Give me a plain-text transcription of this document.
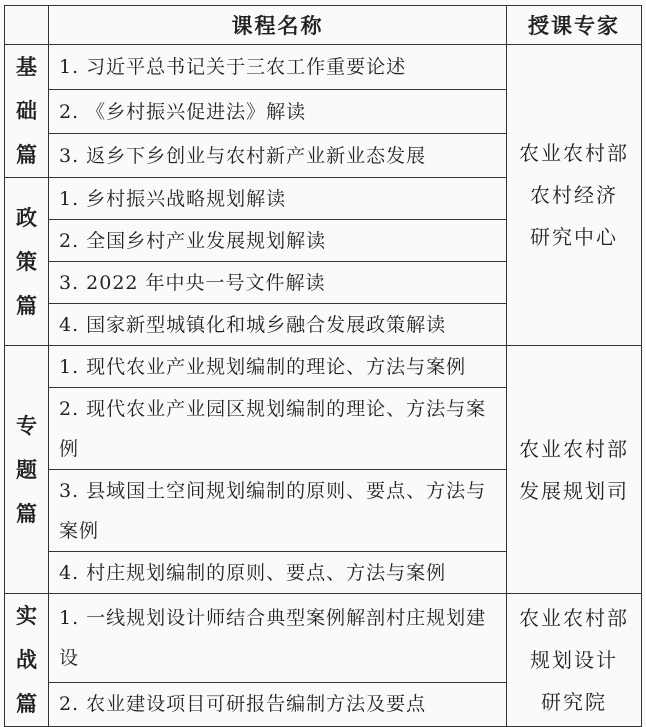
	课程名称	授课专家

基
础
篇	1. 习近平总书记关于三农工作重要论述	农业农村部
农村经济
研究中心

	2. 《乡村振兴促进法》解读	
	3. 返乡下乡创业与农村新产业新业态发展	

政
策
篇	1. 乡村振兴战略规划解读	
	2. 全国乡村产业发展规划解读	
	3. 2022 年中央一号文件解读	
	4. 国家新型城镇化和城乡融合发展政策解读	

专
题
篇	1. 现代农业产业规划编制的理论、方法与案例	农业农村部
发展规划司

	2. 现代农业产业园区规划编制的理论、方法与案例	
	3. 县域国土空间规划编制的原则、要点、方法与案例	
	4. 村庄规划编制的原则、要点、方法与案例	

实
战
篇	1. 一线规划设计师结合典型案例解剖村庄规划建设	农业农村部
规划设计
研究院

	2. 农业建设项目可研报告编制方法及要点	
